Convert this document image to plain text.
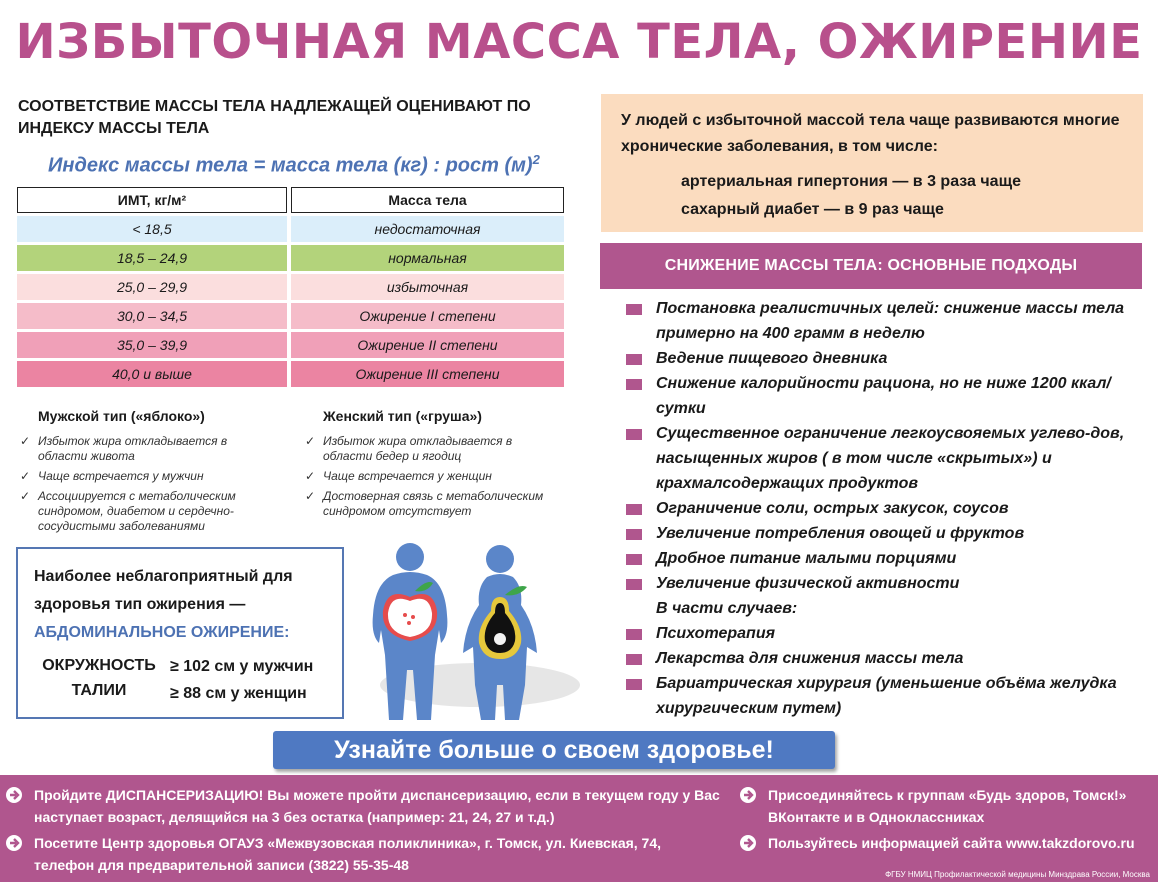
ИЗБЫТОЧНАЯ МАССА ТЕЛА, ОЖИРЕНИЕ
СООТВЕТСТВИЕ МАССЫ ТЕЛА НАДЛЕЖАЩЕЙ ОЦЕНИВАЮТ ПО ИНДЕКСУ МАССЫ ТЕЛА
Индекс массы тела = масса тела (кг) : рост $(м)^2$
ИМТ, кг/м²	Масса тела
< 18,5	недостаточная
18,5 – 24,9	нормальная
25,0 – 29,9	избыточная
30,0 – 34,5	Ожирение I степени
35,0 – 39,9	Ожирение II степени
40,0 и выше	Ожирение III степени
Мужской тип («яблоко»)
✓ Избыток жира откладывается в области живота
✓ Чаще встречается у мужчин
✓ Ассоциируется с метаболическим синдромом, диабетом и сердечно-сосудистыми заболеваниями
Женский тип («груша»)
✓ Избыток жира откладывается в области бедер и ягодиц
✓ Чаще встречается у женщин
✓ Достоверная связь с метаболическим синдромом отсутствует
Наиболее неблагоприятный для
здоровья тип ожирения —
АБДОМИНАЛЬНОЕ ОЖИРЕНИЕ:
ОКРУЖНОСТЬ ТАЛИИ
≥ 102 см у мужчин
≥ 88 см у женщин
У людей с избыточной массой тела чаще развиваются многие хронические заболевания, в том числе:
артериальная гипертония — в 3 раза чаще
сахарный диабет — в 9 раз чаще
СНИЖЕНИЕ МАССЫ ТЕЛА: ОСНОВНЫЕ ПОДХОДЫ
Постановка реалистичных целей: снижение массы тела примерно на 400 грамм в неделю
Ведение пищевого дневника
Снижение калорийности рациона, но не ниже 1200 ккал/сутки
Существенное ограничение легкоусвояемых углево-дов, насыщенных жиров ( в том числе «скрытых») и крахмалсодержащих продуктов
Ограничение соли, острых закусок, соусов
Увеличение потребления овощей и фруктов
Дробное питание малыми порциями
Увеличение физической активности
В части случаев:
Психотерапия
Лекарства для снижения массы тела
Бариатрическая хирургия (уменьшение объёма желудка хирургическим путем)
Узнайте больше о своем здоровье!
Пройдите ДИСПАНСЕРИЗАЦИЮ! Вы можете пройти диспансеризацию, если в текущем году у Вас наступает возраст, делящийся на 3 без остатка (например: 21, 24, 27 и т.д.)
Посетите Центр здоровья ОГАУЗ «Межвузовская поликлиника», г. Томск, ул. Киевская, 74, телефон для предварительной записи (3822) 55-35-48
Присоединяйтесь к группам «Будь здоров, Томск!» ВКонтакте и в Одноклассниках
Пользуйтесь информацией сайта www.takzdorovo.ru
ФГБУ НМИЦ Профилактической медицины Минздрава России, Москва
